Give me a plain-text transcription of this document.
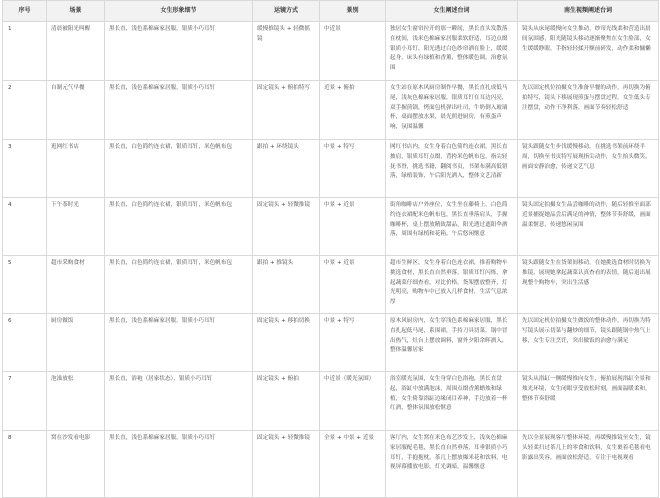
序号	场景	女生形象细节	运镜方式	景别	女生阐述台词	南生视频阐述台词
1	清晨被阳光叫醒	黑长直，浅色系棉麻家居服，银质小巧耳钉	缓慢推镜头 + 轻微摇镜	中近景	独居女生窗帘拉开的那一瞬间，黑长直头发散落在枕间，浅米色棉麻家居服柔软舒适，耳边点缀银质小耳钉，阳光透过白色纱帘洒在脸上，缓缓起身，床头有绿植和香薰，整体暖色调，治愈氛围	镜头从床尾缓慢向女生推动，纱帘光线柔和营造出晨间氛围感，阳光随镜头移动逐渐聚焦在女生脸部，女生缓缓睁眼，手指轻轻揉开额前碎发，动作柔和慵懒
2	自制元气早餐	黑长直，浅色系棉麻家居服，银质小巧耳钉	固定镜头 + 俯拍特写	近景 + 俯拍	女生站在原木风厨房制作早餐，黑长直扎成低马尾，浅灰色棉麻家居服，银质耳钉在耳边闪亮，双手握煎锅，烤面包机弹出吐司，牛奶倒入玻璃杯，桌面摆放水果，晨光照进厨房，有煎蛋声响，氛围温馨	先以固定机位拍摄女生准备早餐的动作，再切换为俯拍特写，镜头下移展现煎蛋与摆盘过程，女生低头专注摆盘，动作干净利落，画面节奏轻松舒适
3	逛网红书店	黑长直，白色简约连衣裙，银质耳钉，米色帆布包	跟拍 + 环绕镜头	中景 + 特写	网红书店内，女生身着白色简约连衣裙，黑长直披肩，银质耳钉点缀，背挎米色帆布包，指尖轻抚书脊，挑选书籍，翻阅书页，书架布满高低错落，绿植装饰，午后阳光洒入，整体文艺清新	镜头跟随女生步伐缓慢移动，在挑选书架前环绕半周，切换至书页特写展现指尖动作，女生抬头微笑，画面安静治愈，传递文艺气息
4	下午茶时光	黑长直，白色简约连衣裙，银质耳钉，米色帆布包	固定镜头 + 轻微推镜	中景 + 近景	街角咖啡店户外座位，女生坐在藤椅上，白色简约连衣裙配米色帆布包，黑长直垂落肩头，手握咖啡杯，桌上摆放精致甜品，阳光透过遮阳伞洒落，周围有绿植和花箱，午后悠闲惬意	镜头固定拍摄女生品尝咖啡的动作，随后轻推至面部近景捕捉她品尝后满足的神情，整体节奏舒缓，画面温柔惬意，传递悠闲氛围
5	超市采购食材	黑长直，白色简约连衣裙，银质耳钉，米色帆布包	跟拍 + 推镜头	中景 + 近景	超市生鲜区，女生身着白色连衣裙，推着购物车挑选食材，黑长直自然垂落，银质耳钉闪烁，拿起蔬菜仔细查看，对比价格，货架摆放整齐，灯光明亮，购物车中已放入几样食材，生活气息浓厚	镜头跟随女生在货架间移动，在她挑选食材时切换为推镜，展现她拿起蔬菜认真查看的表情，随后退出展现整个购物车，突出生活感
6	厨房做饭	黑长直，浅色系棉麻家居服，银质小巧耳钉	固定镜头 + 移拍切换	中景 + 特写	原木风厨房内，女生穿浅色系棉麻家居服，黑长直扎起低马尾，系围裙，手持刀具切菜，锅中冒出热气，灶台上摆放调料，窗外夕阳余晖洒入，整体温馨居家	先以固定机位拍摄女生做饭的整体动作，再切换为特写镜头展示切菜与翻炒的细节，镜头跟随锅中热气上移，女生专注烹饪，突出做饭的治愈与满足
7	泡澡放松	黑长直，浴袍（居家状态），银质小巧耳钉	固定镜头 + 俯拍	中近景（暖光氛围）	浴室暖光氛围，女生身穿白色浴袍，黑长直盘起，浴缸中放满泡沫，周围点缀香薰蜡烛和绿植，女生倚靠浴缸边缘闭目养神，手边放着一杯红酒，整体氛围放松惬意	镜头从浴缸一侧缓慢推向女生，俯拍展现浴缸全景和烛光环境，女生闭眼享受放松时刻，画面温暖柔和，整体节奏舒缓
8	窝在沙发看电影	黑长直，浅色系棉麻家居服，银质小巧耳钉	固定镜头 + 轻微推镜	全景 + 中景 + 近景	客厅内，女生窝在米色布艺沙发上，浅灰色棉麻家居服配毛毯，黑长直自然垂落，耳垂银质小巧耳钉，手抱抱枕，茶几上摆放爆米花和饮料，电视屏幕播放电影，灯光调暗，温馨惬意	先以全景展现客厅整体环境，再缓慢推镜至女生，镜头轻柔扫过茶几上的零食和饮料，女生裹着毛毯看电影露出笑容，画面放松舒适，专注于电视观看
